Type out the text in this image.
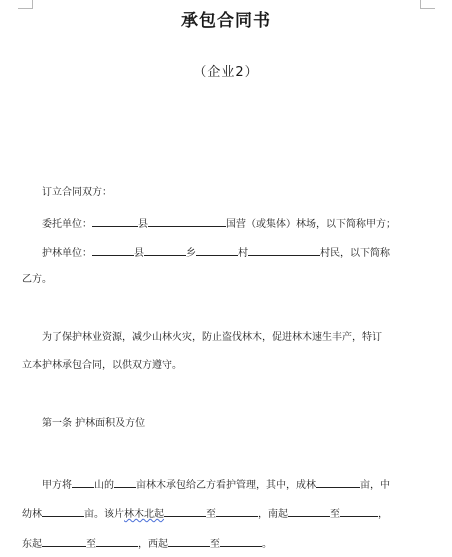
承包合同书
（企业2）
订立合同双方：
委托单位：	县	国营（或集体）林场，以下简称甲方；
护林单位：	县	乡	村	村民，以下简称
乙方。
为了保护林业资源，减少山林火灾，防止盗伐林木，促进林木速生丰产，特订
立本护林承包合同，以供双方遵守。
第一条 护林面积及方位
甲方将 山的 亩林木承包给乙方看护管理，其中，成林	亩，中
幼林	亩。该片林木北起	至	，南起	至	，
东起	至	，西起	至	。
